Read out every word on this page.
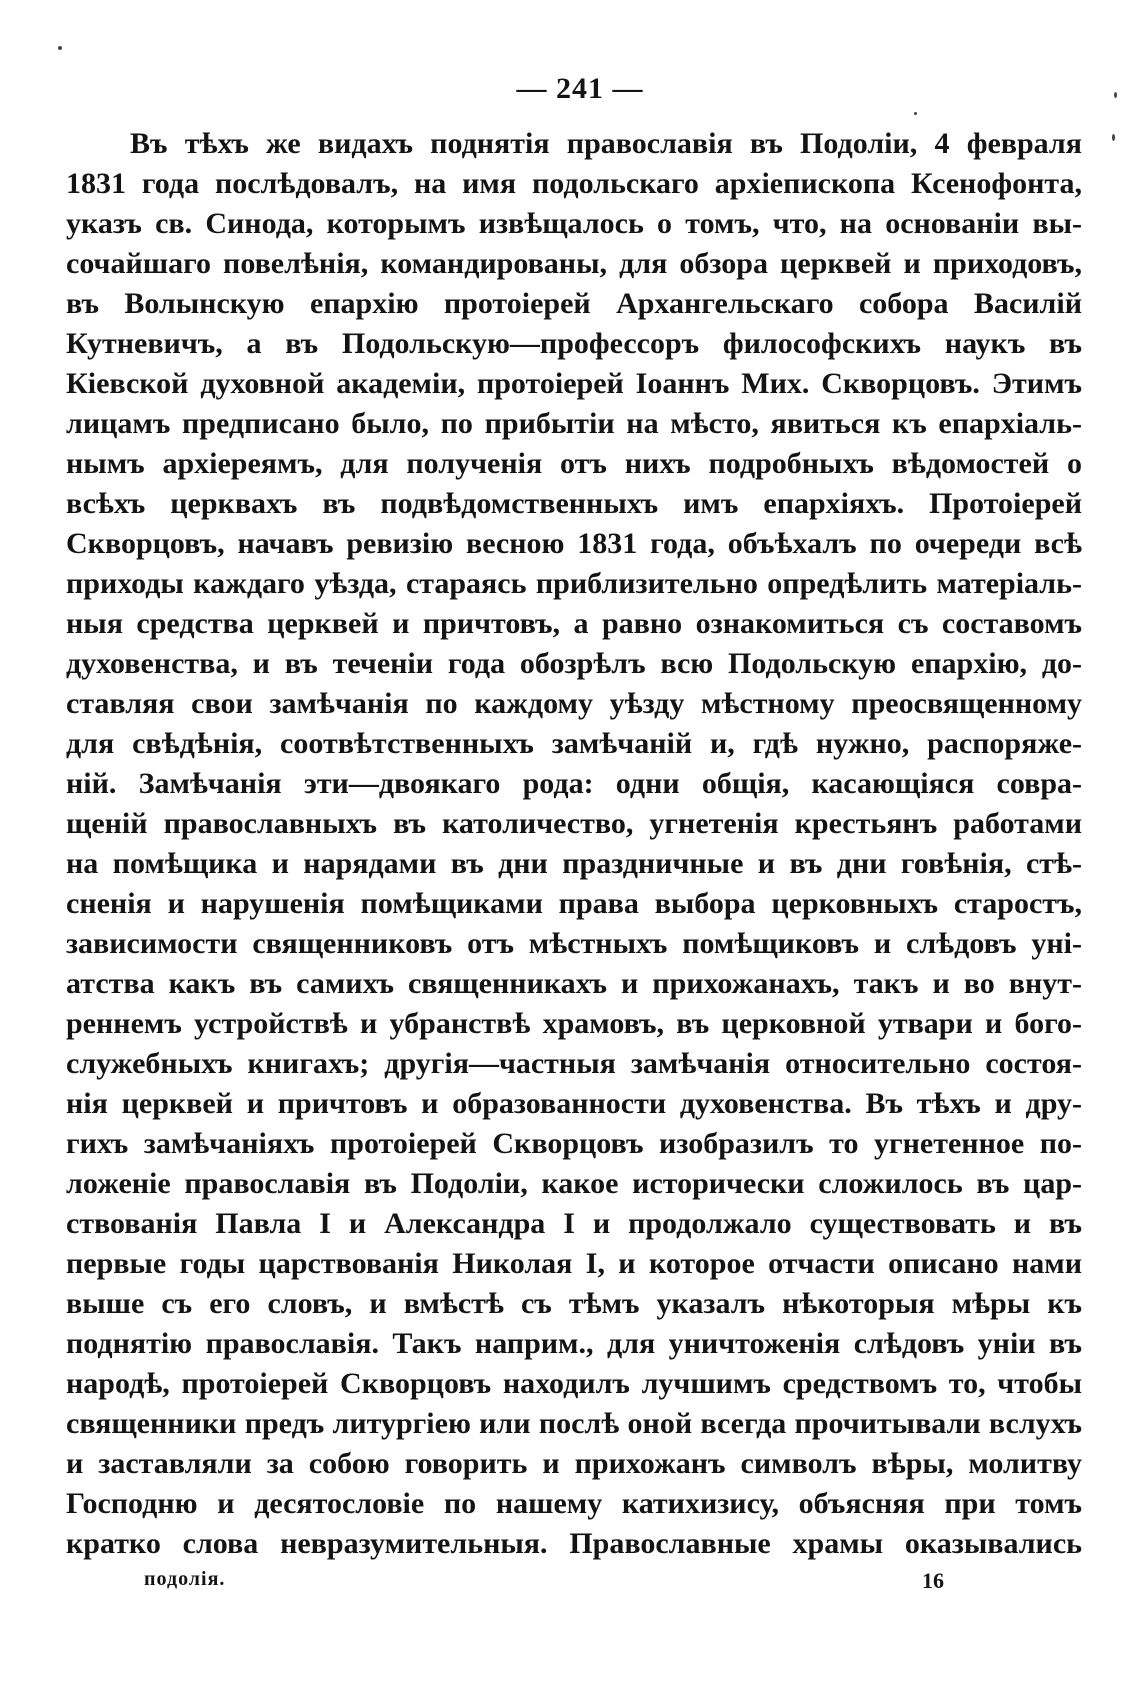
— 241 —
Въ тѣхъ же видахъ поднятія православія въ Подоліи, 4 февраля
1831 года послѣдовалъ, на имя подольскаго архіепископа Ксенофонта,
указъ св. Синода, которымъ извѣщалось о томъ, что, на основаніи вы-
сочайшаго повелѣнія, командированы, для обзора церквей и приходовъ,
въ Волынскую епархію протоіерей Архангельскаго собора Василій
Кутневичъ, а въ Подольскую—профессоръ философскихъ наукъ въ
Кіевской духовной академіи, протоіерей Іоаннъ Мих. Скворцовъ. Этимъ
лицамъ предписано было, по прибытіи на мѣсто, явиться къ епархіаль-
нымъ архіереямъ, для полученія отъ нихъ подробныхъ вѣдомостей о
всѣхъ церквахъ въ подвѣдомственныхъ имъ епархіяхъ. Протоіерей
Скворцовъ, начавъ ревизію весною 1831 года, объѣхалъ по очереди всѣ
приходы каждаго уѣзда, стараясь приблизительно опредѣлить матеріаль-
ныя средства церквей и причтовъ, а равно ознакомиться съ составомъ
духовенства, и въ теченіи года обозрѣлъ всю Подольскую епархію, до-
ставляя свои замѣчанія по каждому уѣзду мѣстному преосвященному
для свѣдѣнія, соотвѣтственныхъ замѣчаній и, гдѣ нужно, распоряже-
ній. Замѣчанія эти—двоякаго рода: одни общія, касающіяся совра-
щеній православныхъ въ католичество, угнетенія крестьянъ работами
на помѣщика и нарядами въ дни праздничные и въ дни говѣнія, стѣ-
сненія и нарушенія помѣщиками права выбора церковныхъ старостъ,
зависимости священниковъ отъ мѣстныхъ помѣщиковъ и слѣдовъ уні-
атства какъ въ самихъ священникахъ и прихожанахъ, такъ и во внут-
реннемъ устройствѣ и убранствѣ храмовъ, въ церковной утвари и бого-
служебныхъ книгахъ; другія—частныя замѣчанія относительно состоя-
нія церквей и причтовъ и образованности духовенства. Въ тѣхъ и дру-
гихъ замѣчаніяхъ протоіерей Скворцовъ изобразилъ то угнетенное по-
ложеніе православія въ Подоліи, какое исторически сложилось въ цар-
ствованія Павла I и Александра I и продолжало существовать и въ
первые годы царствованія Николая I, и которое отчасти описано нами
выше съ его словъ, и вмѣстѣ съ тѣмъ указалъ нѣкоторыя мѣры къ
поднятію православія. Такъ наприм., для уничтоженія слѣдовъ уніи въ
народѣ, протоіерей Скворцовъ находилъ лучшимъ средствомъ то, чтобы
священники предъ литургіею или послѣ оной всегда прочитывали вслухъ
и заставляли за собою говорить и прихожанъ символъ вѣры, молитву
Господню и десятословіе по нашему катихизису, объясняя при томъ
кратко слова невразумительныя. Православные храмы оказывались
подолія.	16
